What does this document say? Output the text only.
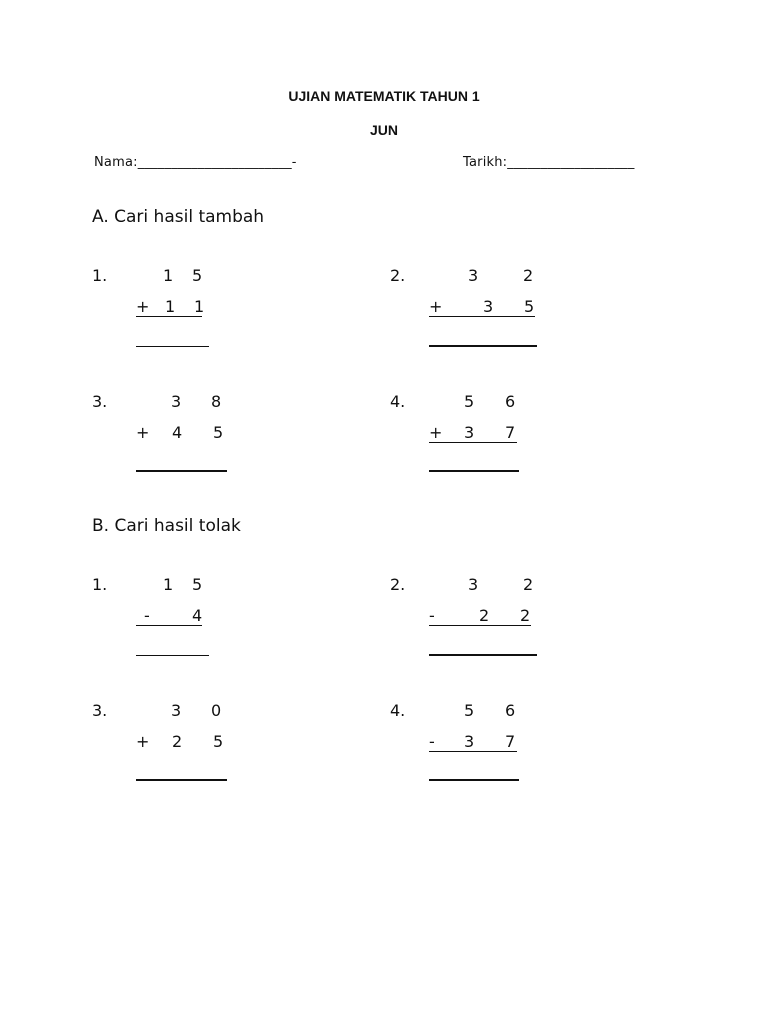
UJIAN MATEMATIK TAHUN 1
JUN
Nama:_______________________-	Tarikh:___________________
A. Cari hasil tambah
1.	1 5
+ 1 1
2.	3	2
+	3 5
3.	3 8
+ 4 5
4.	5 6
+ 3 7
B. Cari hasil tolak
1.	1 5
-	4
2.	3	2
-	2 2
3.	3 0
+ 2 5
4.	5 6
- 3 7
